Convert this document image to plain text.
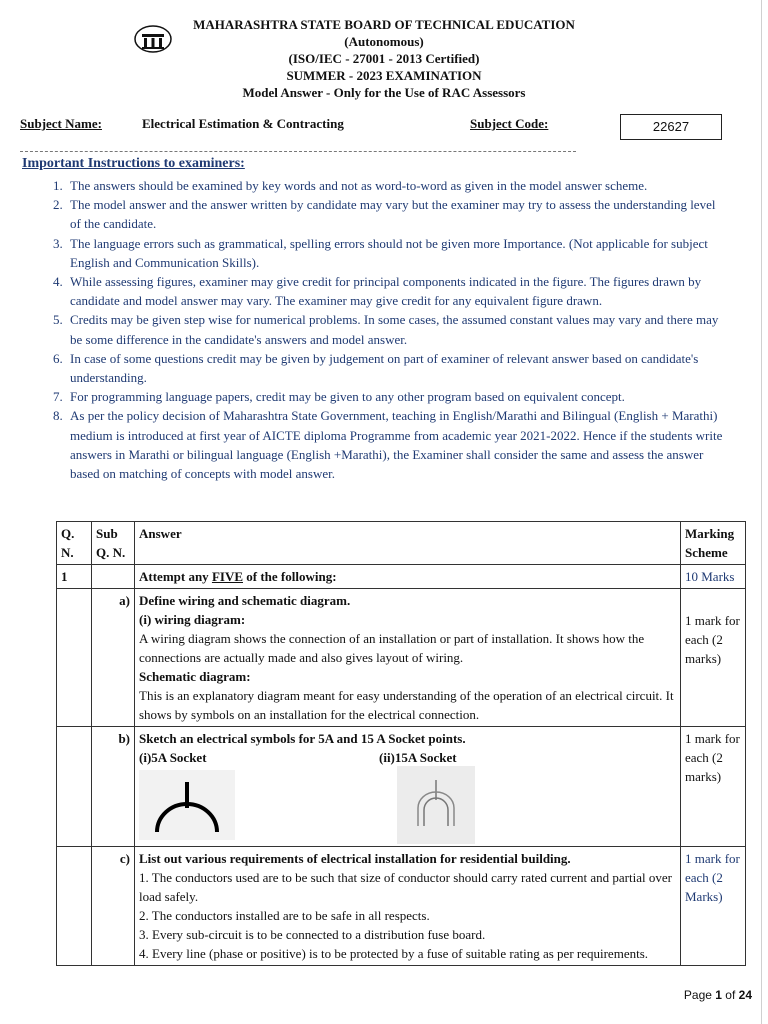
MAHARASHTRA STATE BOARD OF TECHNICAL EDUCATION
(Autonomous)
(ISO/IEC - 27001 - 2013 Certified)
SUMMER - 2023 EXAMINATION
Model Answer - Only for the Use of RAC Assessors
Subject Name:	Electrical Estimation & Contracting	Subject Code:	22627
Important Instructions to examiners:
1. The answers should be examined by key words and not as word-to-word as given in the model answer scheme.
2. The model answer and the answer written by candidate may vary but the examiner may try to assess the understanding level of the candidate.
3. The language errors such as grammatical, spelling errors should not be given more Importance. (Not applicable for subject English and Communication Skills).
4. While assessing figures, examiner may give credit for principal components indicated in the figure. The figures drawn by candidate and model answer may vary. The examiner may give credit for any equivalent figure drawn.
5. Credits may be given step wise for numerical problems. In some cases, the assumed constant values may vary and there may be some difference in the candidate's answers and model answer.
6. In case of some questions credit may be given by judgement on part of examiner of relevant answer based on candidate's understanding.
7. For programming language papers, credit may be given to any other program based on equivalent concept.
8. As per the policy decision of Maharashtra State Government, teaching in English/Marathi and Bilingual (English + Marathi) medium is introduced at first year of AICTE diploma Programme from academic year 2021-2022. Hence if the students write answers in Marathi or bilingual language (English +Marathi), the Examiner shall consider the same and assess the answer based on matching of concepts with model answer.
Q. N.	Sub Q. N.	Answer	Marking Scheme
1		Attempt any FIVE of the following:	10 Marks
	a)	Define wiring and schematic diagram.
(i) wiring diagram:
A wiring diagram shows the connection of an installation or part of installation. It shows how the connections are actually made and also gives layout of wiring.
Schematic diagram:
This is an explanatory diagram meant for easy understanding of the operation of an electrical circuit. It shows by symbols on an installation for the electrical connection.	1 mark for each (2 marks)
	b)	Sketch an electrical symbols for 5A and 15 A Socket points.
(i)5A Socket (ii)15A Socket	1 mark for each (2 marks)
	c)	List out various requirements of electrical installation for residential building.
1. The conductors used are to be such that size of conductor should carry rated current and partial over load safely.
2. The conductors installed are to be safe in all respects.
3. Every sub-circuit is to be connected to a distribution fuse board.
4. Every line (phase or positive) is to be protected by a fuse of suitable rating as per requirements.	1 mark for each (2 Marks)
Page 1 of 24
